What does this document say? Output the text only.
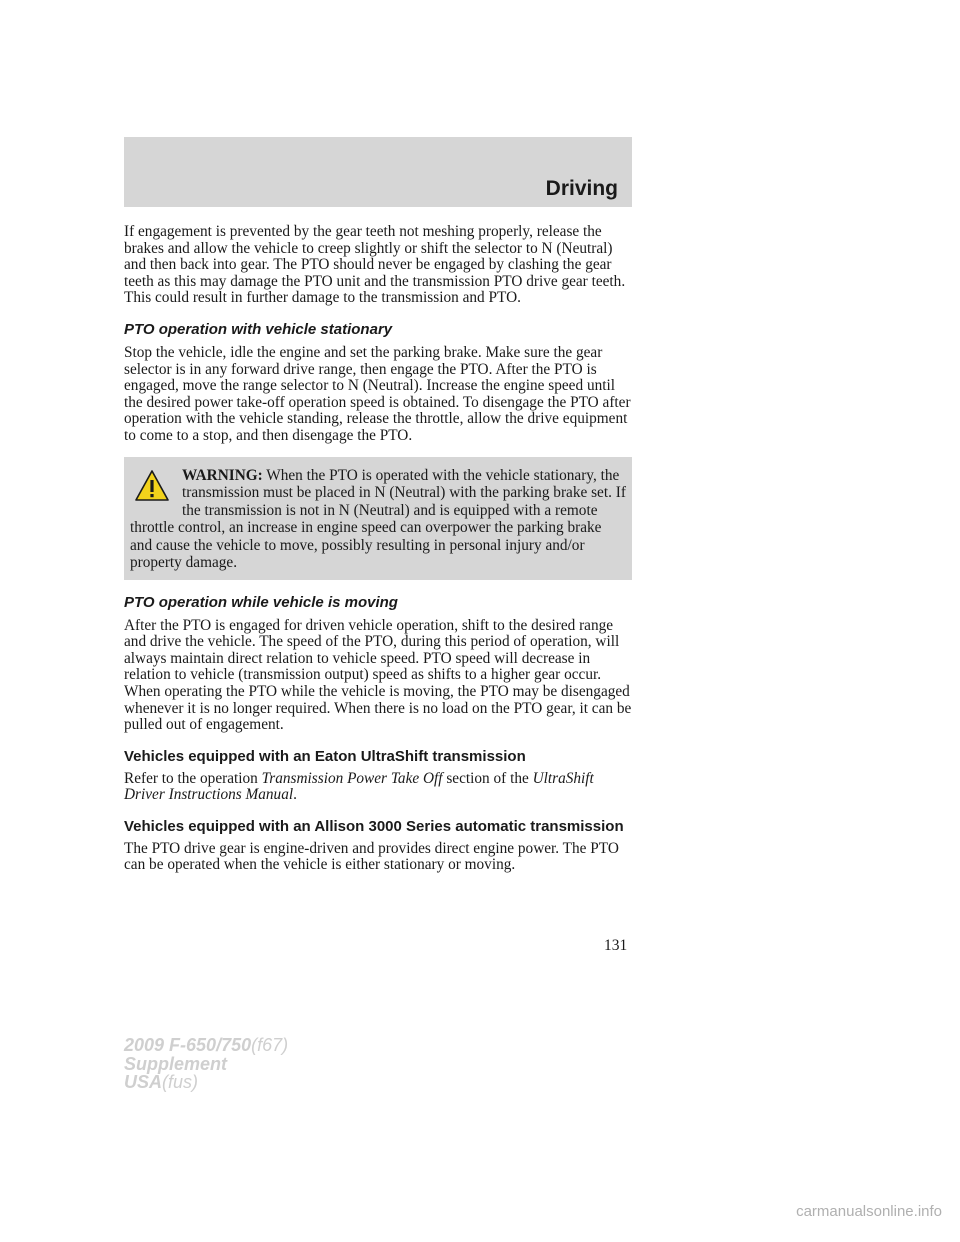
Driving

If engagement is prevented by the gear teeth not meshing properly, release the brakes and allow the vehicle to creep slightly or shift the selector to N (Neutral) and then back into gear. The PTO should never be engaged by clashing the gear teeth as this may damage the PTO unit and the transmission PTO drive gear teeth. This could result in further damage to the transmission and PTO.

PTO operation with vehicle stationary

Stop the vehicle, idle the engine and set the parking brake. Make sure the gear selector is in any forward drive range, then engage the PTO. After the PTO is engaged, move the range selector to N (Neutral). Increase the engine speed until the desired power take-off operation speed is obtained. To disengage the PTO after operation with the vehicle standing, release the throttle, allow the drive equipment to come to a stop, and then disengage the PTO.

WARNING: When the PTO is operated with the vehicle stationary, the transmission must be placed in N (Neutral) with the parking brake set. If the transmission is not in N (Neutral) and is equipped with a remote throttle control, an increase in engine speed can overpower the parking brake and cause the vehicle to move, possibly resulting in personal injury and/or property damage.

PTO operation while vehicle is moving

After the PTO is engaged for driven vehicle operation, shift to the desired range and drive the vehicle. The speed of the PTO, during this period of operation, will always maintain direct relation to vehicle speed. PTO speed will decrease in relation to vehicle (transmission output) speed as shifts to a higher gear occur. When operating the PTO while the vehicle is moving, the PTO may be disengaged whenever it is no longer required. When there is no load on the PTO gear, it can be pulled out of engagement.

Vehicles equipped with an Eaton UltraShift transmission

Refer to the operation Transmission Power Take Off section of the UltraShift Driver Instructions Manual.

Vehicles equipped with an Allison 3000 Series automatic transmission

The PTO drive gear is engine-driven and provides direct engine power. The PTO can be operated when the vehicle is either stationary or moving.

131
2009 F-650/750(f67)
Supplement
USA(fus)
carmanualsonline.info
